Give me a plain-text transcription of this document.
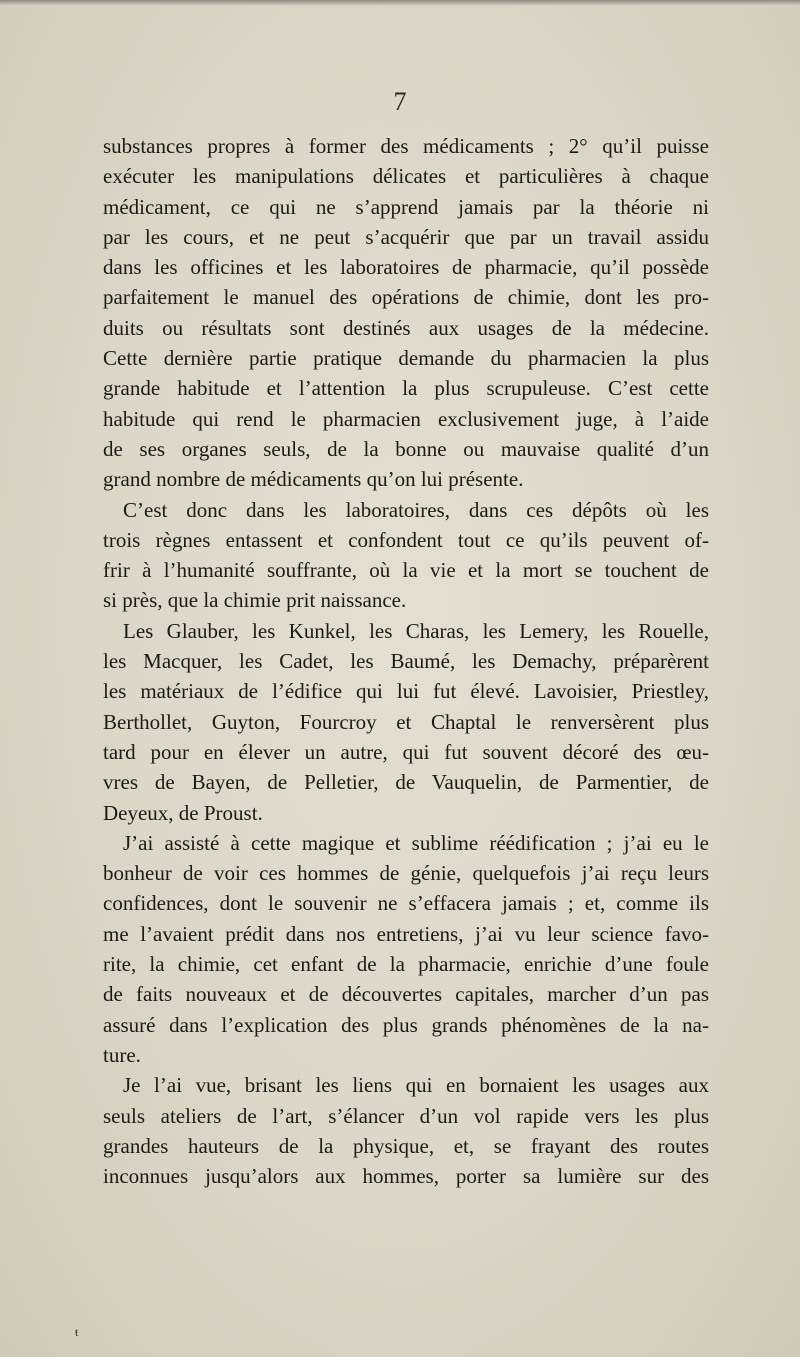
7
substances propres à former des médicaments ; 2° qu’il puisse
exécuter les manipulations délicates et particulières à chaque
médicament, ce qui ne s’apprend jamais par la théorie ni
par les cours, et ne peut s’acquérir que par un travail assidu
dans les officines et les laboratoires de pharmacie, qu’il possède
parfaitement le manuel des opérations de chimie, dont les pro-
duits ou résultats sont destinés aux usages de la médecine.
Cette dernière partie pratique demande du pharmacien la plus
grande habitude et l’attention la plus scrupuleuse. C’est cette
habitude qui rend le pharmacien exclusivement juge, à l’aide
de ses organes seuls, de la bonne ou mauvaise qualité d’un
grand nombre de médicaments qu’on lui présente.
C’est donc dans les laboratoires, dans ces dépôts où les
trois règnes entassent et confondent tout ce qu’ils peuvent of-
frir à l’humanité souffrante, où la vie et la mort se touchent de
si près, que la chimie prit naissance.
Les Glauber, les Kunkel, les Charas, les Lemery, les Rouelle,
les Macquer, les Cadet, les Baumé, les Demachy, préparèrent
les matériaux de l’édifice qui lui fut élevé. Lavoisier, Priestley,
Berthollet, Guyton, Fourcroy et Chaptal le renversèrent plus
tard pour en élever un autre, qui fut souvent décoré des œu-
vres de Bayen, de Pelletier, de Vauquelin, de Parmentier, de
Deyeux, de Proust.
J’ai assisté à cette magique et sublime réédification ; j’ai eu le
bonheur de voir ces hommes de génie, quelquefois j’ai reçu leurs
confidences, dont le souvenir ne s’effacera jamais ; et, comme ils
me l’avaient prédit dans nos entretiens, j’ai vu leur science favo-
rite, la chimie, cet enfant de la pharmacie, enrichie d’une foule
de faits nouveaux et de découvertes capitales, marcher d’un pas
assuré dans l’explication des plus grands phénomènes de la na-
ture.
Je l’ai vue, brisant les liens qui en bornaient les usages aux
seuls ateliers de l’art, s’élancer d’un vol rapide vers les plus
grandes hauteurs de la physique, et, se frayant des routes
inconnues jusqu’alors aux hommes, porter sa lumière sur des
ŧ
